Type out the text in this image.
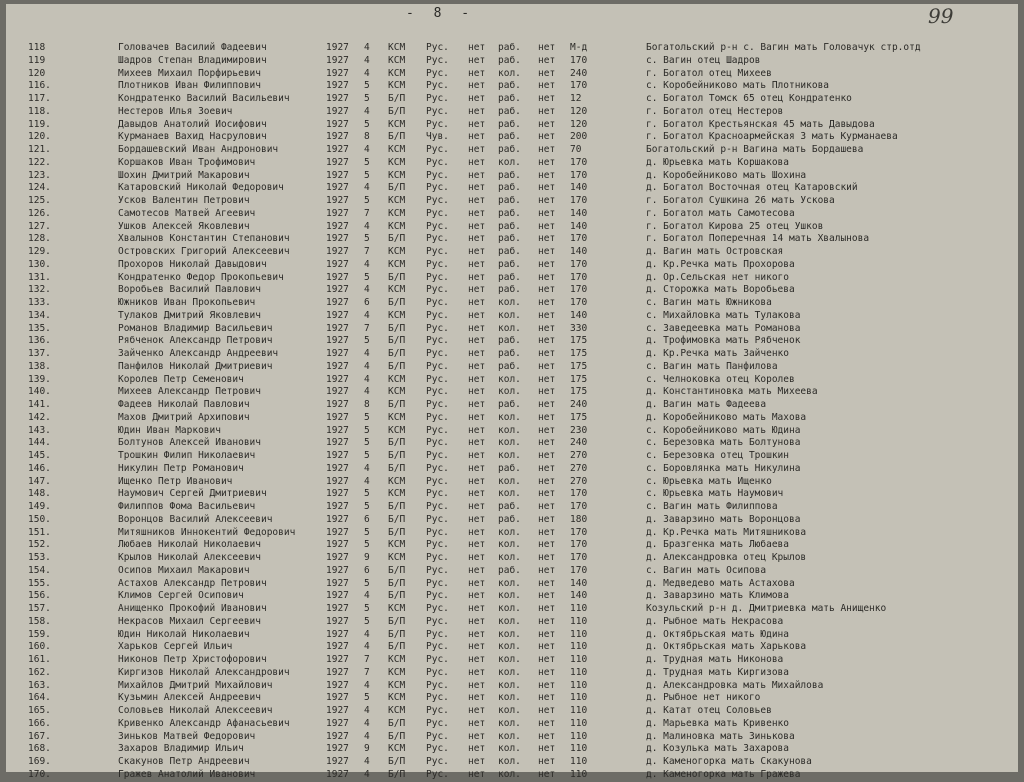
- 8 -	99
118	Головачев Василий Фадеевич	1927	4	КСМ	Рус.	нет	раб.	нет	М-д	Богатольский р-н с. Вагин мать Головачук стр.отд
119	Шадров Степан Владимирович	1927	4	КСМ	Рус.	нет	раб.	нет	170	с. Вагин отец Шадров
120	Михеев Михаил Порфирьевич	1927	4	КСМ	Рус.	нет	кол.	нет	240	г. Богатол отец Михеев
116.	Плотников Иван Филиппович	1927	5	КСМ	Рус.	нет	раб.	нет	170	с. Коробейниково мать Плотникова
117.	Кондратенко Василий Васильевич	1927	5	Б/П	Рус.	нет	раб.	нет	12	с. Богатол Томск 65 отец Кондратенко
118.	Нестеров Илья Зоевич	1927	4	Б/П	Рус.	нет	раб.	нет	120	г. Богатол отец Нестеров
119.	Давыдов Анатолий Иосифович	1927	5	КСМ	Рус.	нет	раб.	нет	120	г. Богатол Крестьянская 45 мать Давыдова
120.	Курманаев Вахид Насрулович	1927	8	Б/П	Чув.	нет	раб.	нет	200	г. Богатол Красноармейская 3 мать Курманаева
121.	Бордашевский Иван Андронович	1927	4	КСМ	Рус.	нет	раб.	нет	70	Богатольский р-н Вагина мать Бордашева
122.	Коршаков Иван Трофимович	1927	5	КСМ	Рус.	нет	кол.	нет	170	д. Юрьевка мать Коршакова
123.	Шохин Дмитрий Макарович	1927	5	КСМ	Рус.	нет	раб.	нет	170	д. Коробейниково мать Шохина
124.	Катаровский Николай Федорович	1927	4	Б/П	Рус.	нет	раб.	нет	140	д. Богатол Восточная отец Катаровский
125.	Усков Валентин Петрович	1927	5	КСМ	Рус.	нет	раб.	нет	170	г. Богатол Сушкина 26 мать Ускова
126.	Самотесов Матвей Агеевич	1927	7	КСМ	Рус.	нет	раб.	нет	140	г. Богатол мать Самотесова
127.	Ушков Алексей Яковлевич	1927	4	КСМ	Рус.	нет	раб.	нет	140	г. Богатол Кирова 25 отец Ушков
128.	Хвалынов Константин Степанович	1927	5	Б/П	Рус.	нет	раб.	нет	170	г. Богатол Поперечная 14 мать Хвалынова
129.	Островских Григорий Алексеевич	1927	7	КСМ	Рус.	нет	раб.	нет	140	д. Вагин мать Островская
130.	Прохоров Николай Давыдович	1927	4	КСМ	Рус.	нет	раб.	нет	170	д. Кр.Речка мать Прохорова
131.	Кондратенко Федор Прокопьевич	1927	5	Б/П	Рус.	нет	раб.	нет	170	д. Ор.Сельская нет никого
132.	Воробьев Василий Павлович	1927	4	КСМ	Рус.	нет	раб.	нет	170	д. Сторожка мать Воробьева
133.	Южников Иван Прокопьевич	1927	6	Б/П	Рус.	нет	кол.	нет	170	с. Вагин мать Южникова
134.	Тулаков Дмитрий Яковлевич	1927	4	КСМ	Рус.	нет	кол.	нет	140	с. Михайловка мать Тулакова
135.	Романов Владимир Васильевич	1927	7	Б/П	Рус.	нет	кол.	нет	330	с. Заведеевка мать Романова
136.	Рябченок Александр Петрович	1927	5	Б/П	Рус.	нет	раб.	нет	175	д. Трофимовка мать Рябченок
137.	Зайченко Александр Андреевич	1927	4	Б/П	Рус.	нет	раб.	нет	175	д. Кр.Речка мать Зайченко
138.	Панфилов Николай Дмитриевич	1927	4	Б/П	Рус.	нет	раб.	нет	175	с. Вагин мать Панфилова
139.	Королев Петр Семенович	1927	4	КСМ	Рус.	нет	кол.	нет	175	с. Челноковка отец Королев
140.	Михеев Александр Петрович	1927	4	КСМ	Рус.	нет	кол.	нет	175	д. Константиновка мать Михеева
141.	Фадеев Николай Павлович	1927	8	Б/П	Рус.	нет	раб.	нет	240	д. Вагин мать Фадеева
142.	Махов Дмитрий Архипович	1927	5	КСМ	Рус.	нет	кол.	нет	175	д. Коробейниково мать Махова
143.	Юдин Иван Маркович	1927	5	КСМ	Рус.	нет	кол.	нет	230	с. Коробейниково мать Юдина
144.	Болтунов Алексей Иванович	1927	5	Б/П	Рус.	нет	кол.	нет	240	с. Березовка мать Болтунова
145.	Трошкин Филип Николаевич	1927	5	Б/П	Рус.	нет	кол.	нет	270	с. Березовка отец Трошкин
146.	Никулин Петр Романович	1927	4	Б/П	Рус.	нет	раб.	нет	270	с. Боровлянка мать Никулина
147.	Ищенко Петр Иванович	1927	4	КСМ	Рус.	нет	кол.	нет	270	с. Юрьевка мать Ищенко
148.	Наумович Сергей Дмитриевич	1927	5	КСМ	Рус.	нет	кол.	нет	170	с. Юрьевка мать Наумович
149.	Филиппов Фома Васильевич	1927	5	Б/П	Рус.	нет	раб.	нет	170	с. Вагин мать Филиппова
150.	Воронцов Василий Алексеевич	1927	6	Б/П	Рус.	нет	раб.	нет	180	д. Заварзино мать Воронцова
151.	Митяшников Иннокентий Федорович	1927	5	Б/П	Рус.	нет	кол.	нет	170	д. Кр.Речка мать Митяшникова
152.	Любаев Николай Николаевич	1927	5	КСМ	Рус.	нет	кол.	нет	170	д. Бразгенка мать Любаева
153.	Крылов Николай Алексеевич	1927	9	КСМ	Рус.	нет	кол.	нет	170	д. Александровка отец Крылов
154.	Осипов Михаил Макарович	1927	6	Б/П	Рус.	нет	раб.	нет	170	с. Вагин мать Осипова
155.	Астахов Александр Петрович	1927	5	Б/П	Рус.	нет	кол.	нет	140	д. Медведево мать Астахова
156.	Климов Сергей Осипович	1927	4	Б/П	Рус.	нет	кол.	нет	140	д. Заварзино мать Климова
157.	Анищенко Прокофий Иванович	1927	5	КСМ	Рус.	нет	кол.	нет	110	Козульский р-н д. Дмитриевка мать Анищенко
158.	Некрасов Михаил Сергеевич	1927	5	Б/П	Рус.	нет	кол.	нет	110	д. Рыбное мать Некрасова
159.	Юдин Николай Николаевич	1927	4	Б/П	Рус.	нет	кол.	нет	110	д. Октябрьская мать Юдина
160.	Харьков Сергей Ильич	1927	4	Б/П	Рус.	нет	кол.	нет	110	д. Октябрьская мать Харькова
161.	Никонов Петр Христофорович	1927	7	КСМ	Рус.	нет	кол.	нет	110	д. Трудная мать Никонова
162.	Киргизов Николай Александрович	1927	7	КСМ	Рус.	нет	кол.	нет	110	д. Трудная мать Киргизова
163.	Михайлов Дмитрий Михайлович	1927	4	КСМ	Рус.	нет	кол.	нет	110	д. Александровка мать Михайлова
164.	Кузьмин Алексей Андреевич	1927	5	КСМ	Рус.	нет	кол.	нет	110	д. Рыбное нет никого
165.	Соловьев Николай Алексеевич	1927	4	КСМ	Рус.	нет	кол.	нет	110	д. Катат отец Соловьев
166.	Кривенко Александр Афанасьевич	1927	4	Б/П	Рус.	нет	кол.	нет	110	д. Марьевка мать Кривенко
167.	Зиньков Матвей Федорович	1927	4	Б/П	Рус.	нет	кол.	нет	110	д. Малиновка мать Зинькова
168.	Захаров Владимир Ильич	1927	9	КСМ	Рус.	нет	кол.	нет	110	д. Козулька мать Захарова
169.	Скакунов Петр Андреевич	1927	4	Б/П	Рус.	нет	кол.	нет	110	д. Каменогорка мать Скакунова
170.	Гражев Анатолий Иванович	1927	4	Б/П	Рус.	нет	кол.	нет	110	д. Каменогорка мать Гражева
